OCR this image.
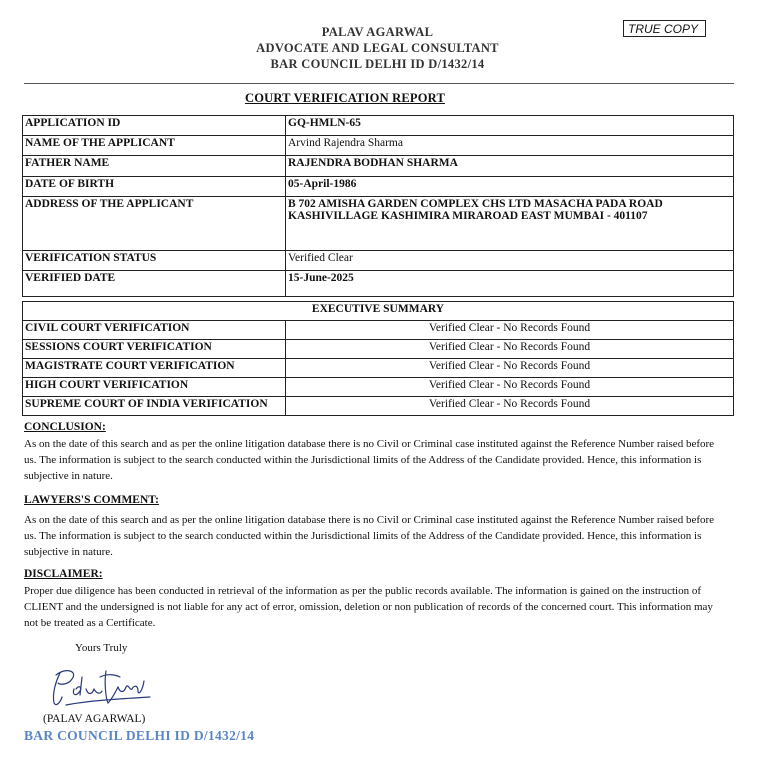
PALAV AGARWAL
ADVOCATE AND LEGAL CONSULTANT
BAR COUNCIL DELHI ID D/1432/14
TRUE COPY
COURT VERIFICATION REPORT
APPLICATION ID	GQ-HMLN-65
NAME OF THE APPLICANT	Arvind Rajendra Sharma
FATHER NAME	RAJENDRA BODHAN SHARMA
DATE OF BIRTH	05-April-1986
ADDRESS OF THE APPLICANT	B 702 AMISHA GARDEN COMPLEX CHS LTD MASACHA PADA ROAD KASHIVILLAGE KASHIMIRA MIRAROAD EAST MUMBAI - 401107
VERIFICATION STATUS	Verified Clear
VERIFIED DATE	15-June-2025
EXECUTIVE SUMMARY	
CIVIL COURT VERIFICATION	Verified Clear - No Records Found
SESSIONS COURT VERIFICATION	Verified Clear - No Records Found
MAGISTRATE COURT VERIFICATION	Verified Clear - No Records Found
HIGH COURT VERIFICATION	Verified Clear - No Records Found
SUPREME COURT OF INDIA VERIFICATION	Verified Clear - No Records Found
CONCLUSION:
As on the date of this search and as per the online litigation database there is no Civil or Criminal case instituted against the Reference Number raised before us. The information is subject to the search conducted within the Jurisdictional limits of the Address of the Candidate provided. Hence, this information is subjective in nature.
LAWYERS'S COMMENT:
As on the date of this search and as per the online litigation database there is no Civil or Criminal case instituted against the Reference Number raised before us. The information is subject to the search conducted within the Jurisdictional limits of the Address of the Candidate provided. Hence, this information is subjective in nature.
DISCLAIMER:
Proper due diligence has been conducted in retrieval of the information as per the public records available. The information is gained on the instruction of CLIENT and the undersigned is not liable for any act of error, omission, deletion or non publication of records of the concerned court. This information may not be treated as a Certificate.
Yours Truly
(PALAV AGARWAL)
BAR COUNCIL DELHI ID D/1432/14
